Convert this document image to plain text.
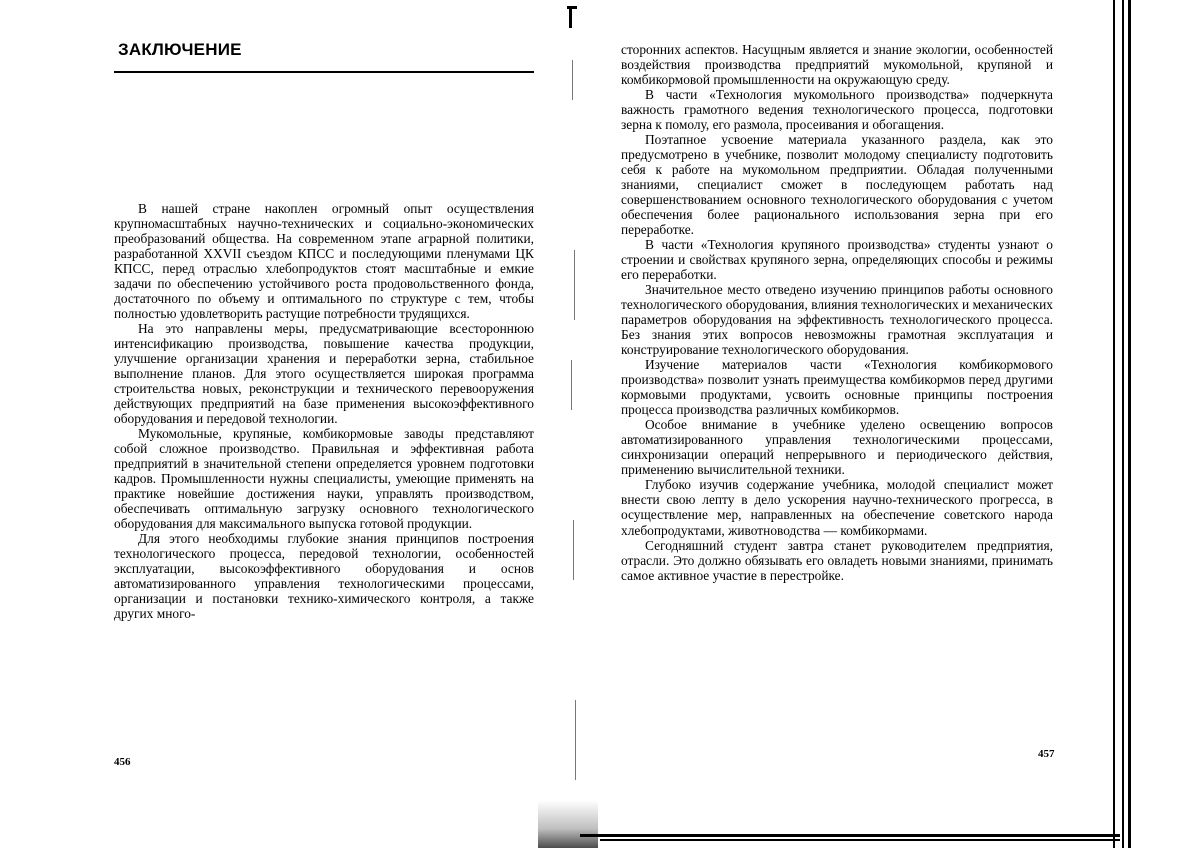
ЗАКЛЮЧЕНИЕ

В нашей стране накоплен огромный опыт осуществ­ления крупномасштабных научно-технических и социаль­но-экономических преобразований общества. На совре­менном этапе аграрной политики, разработанной XXVII съез­дом КПСС и последующими пленумами ЦК КПСС, перед отраслью хлебопродуктов стоят масштабные и емкие задачи по обеспечению устойчивого роста про­довольственного фонда, достаточного по объему и опти­мального по структуре с тем, чтобы полностью удовлет­ворить растущие потребности трудящихся.

На это направлены меры, предусматривающие все­стороннюю интенсификацию производства, повышение качества продукции, улучшение организации хранения и переработки зерна, стабильное выполнение планов. Для этого осуществляется широкая программа строи­тельства новых, реконструкции и технического перево­оружения действующих предприятий на базе применения высокоэффективного оборудования и передовой тех­нологии.

Мукомольные, крупяные, комбикормовые заводы представляют собой сложное производство. Правильная и эффективная работа предприятий в значительной сте­пени определяется уровнем подготовки кадров. Про­мышленности нужны специалисты, умеющие применять на практике новейшие достижения науки, управлять производством, обеспечивать оптимальную загрузку основного технологического оборудования для макси­мального выпуска готовой продукции.

Для этого необходимы глубокие знания принципов построения технологического процесса, передовой техно­логии, особенностей эксплуатации, высокоэффективного оборудования и основ автоматизированного управления технологическими процессами, организации и постановки технико-химического контроля, а также других много-

456

сторонних аспектов. Насущным является и знание экологии, особенностей воздействия производства пред­приятий мукомольной, крупяной и комбикормовой про­мышленности на окружающую среду.

В части «Технология мукомольного производства» подчеркнута важность грамотного ведения технологи­ческого процесса, подготовки зерна к помолу, его размола, просеивания и обогащения.

Поэтапное усвоение материала указанного раздела, как это предусмотрено в учебнике, позволит молодому специалисту подготовить себя к работе на мукомольном предприятии. Обладая полученными знаниями, специалист сможет в последующем работать над совершенствованием основного технологического оборудования с учетом обес­печения более рационального использования зерна при его переработке.

В части «Технология крупяного производства» сту­денты узнают о строении и свойствах крупяного зерна, определяющих способы и режимы его переработки.

Значительное место отведено изучению принципов работы основного технологического оборудования, влия­ния технологических и механических параметров обору­дования на эффективность технологического процесса. Без знания этих вопросов невозможны грамотная эксплуа­тация и конструирование технологического оборудования.

Изучение материалов части «Технология комбикормо­вого производства» позволит узнать преимущества ком­бикормов перед другими кормовыми продуктами, усвоить основные принципы построения процесса производства различных комбикормов.

Особое внимание в учебнике уделено освещению вопросов автоматизированного управления технологи­ческими процессами, синхронизации операций непре­рывного и периодического действия, применению вы­числительной техники.

Глубоко изучив содержание учебника, молодой спе­циалист может внести свою лепту в дело ускорения научно-технического прогресса, в осуществление мер, направленных на обеспечение советского народа хлебо­продуктами, животноводства — комбикормами.

Сегодняшний студент завтра станет руководителем предприятия, отрасли. Это должно обязывать его овла­деть новыми знаниями, принимать самое активное участие в перестройке.

457
